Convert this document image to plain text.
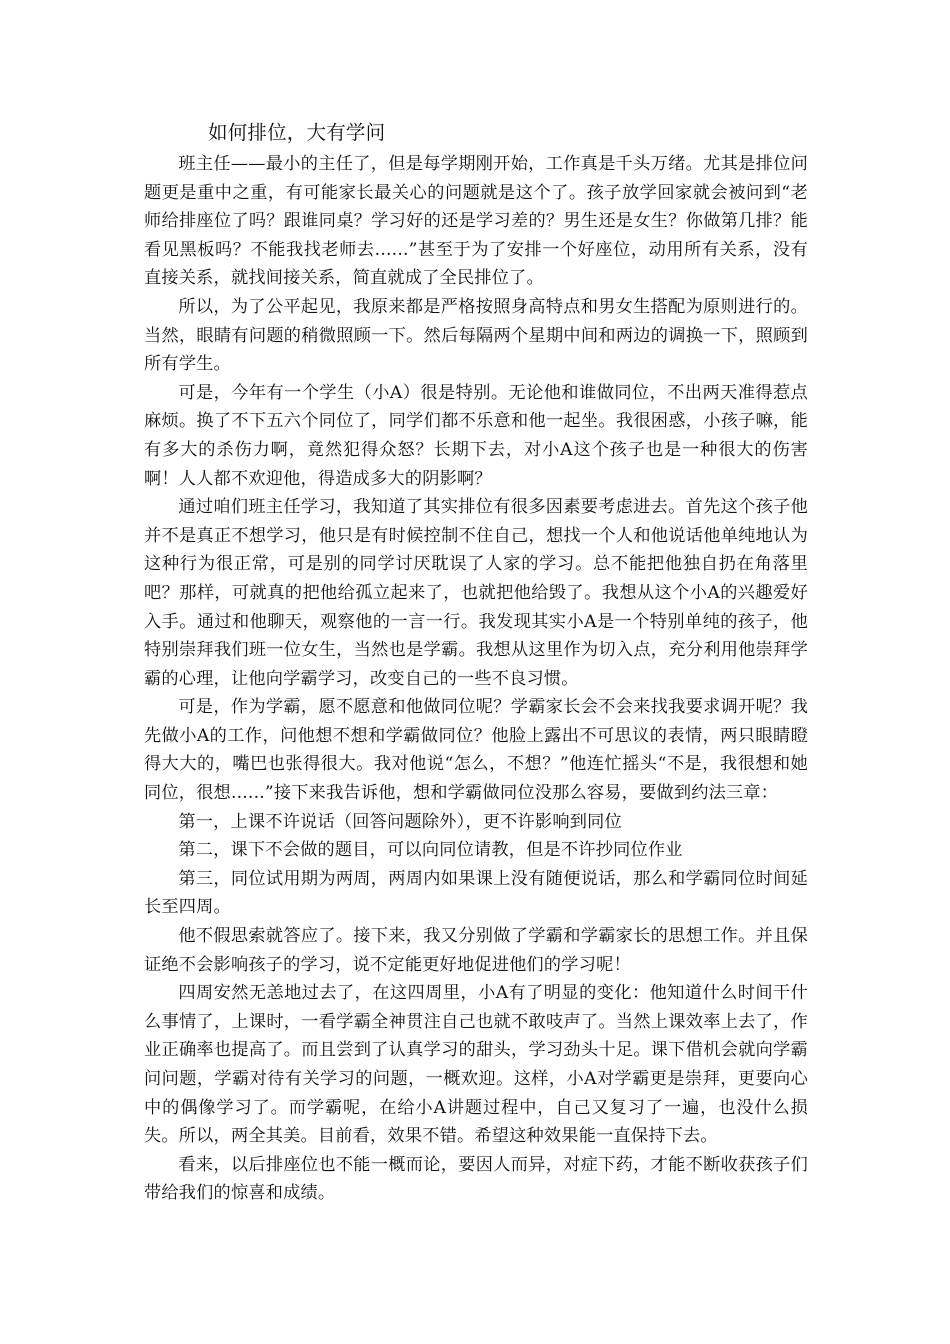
如何排位，大有学问

班主任——最小的主任了，但是每学期刚开始，工作真是千头万绪。尤其是排位问题更是重中之重，有可能家长最关心的问题就是这个了。孩子放学回家就会被问到“老师给排座位了吗？跟谁同桌？学习好的还是学习差的？男生还是女生？你做第几排？能看见黑板吗？不能我找老师去......”甚至于为了安排一个好座位，动用所有关系，没有直接关系，就找间接关系，简直就成了全民排位了。

所以，为了公平起见，我原来都是严格按照身高特点和男女生搭配为原则进行的。当然，眼睛有问题的稍微照顾一下。然后每隔两个星期中间和两边的调换一下，照顾到所有学生。

可是，今年有一个学生（小A）很是特别。无论他和谁做同位，不出两天准得惹点麻烦。换了不下五六个同位了，同学们都不乐意和他一起坐。我很困惑，小孩子嘛，能有多大的杀伤力啊，竟然犯得众怒？长期下去，对小A这个孩子也是一种很大的伤害啊！人人都不欢迎他，得造成多大的阴影啊？

通过咱们班主任学习，我知道了其实排位有很多因素要考虑进去。首先这个孩子他并不是真正不想学习，他只是有时候控制不住自己，想找一个人和他说话他单纯地认为这种行为很正常，可是别的同学讨厌耽误了人家的学习。总不能把他独自扔在角落里吧？那样，可就真的把他给孤立起来了，也就把他给毁了。我想从这个小A的兴趣爱好入手。通过和他聊天，观察他的一言一行。我发现其实小A是一个特别单纯的孩子，他特别崇拜我们班一位女生，当然也是学霸。我想从这里作为切入点，充分利用他崇拜学霸的心理，让他向学霸学习，改变自己的一些不良习惯。

可是，作为学霸，愿不愿意和他做同位呢？学霸家长会不会来找我要求调开呢？我先做小A的工作，问他想不想和学霸做同位？他脸上露出不可思议的表情，两只眼睛瞪得大大的，嘴巴也张得很大。我对他说“怎么，不想？”他连忙摇头“不是，我很想和她同位，很想......”接下来我告诉他，想和学霸做同位没那么容易，要做到约法三章：

第一，上课不许说话（回答问题除外），更不许影响到同位

第二，课下不会做的题目，可以向同位请教，但是不许抄同位作业

第三，同位试用期为两周，两周内如果课上没有随便说话，那么和学霸同位时间延长至四周。

他不假思索就答应了。接下来，我又分别做了学霸和学霸家长的思想工作。并且保证绝不会影响孩子的学习，说不定能更好地促进他们的学习呢！

四周安然无恙地过去了，在这四周里，小A有了明显的变化：他知道什么时间干什么事情了，上课时，一看学霸全神贯注自己也就不敢吱声了。当然上课效率上去了，作业正确率也提高了。而且尝到了认真学习的甜头，学习劲头十足。课下借机会就向学霸问问题，学霸对待有关学习的问题，一概欢迎。这样，小A对学霸更是崇拜，更要向心中的偶像学习了。而学霸呢，在给小A讲题过程中，自己又复习了一遍，也没什么损失。所以，两全其美。目前看，效果不错。希望这种效果能一直保持下去。

看来，以后排座位也不能一概而论，要因人而异，对症下药，才能不断收获孩子们带给我们的惊喜和成绩。
